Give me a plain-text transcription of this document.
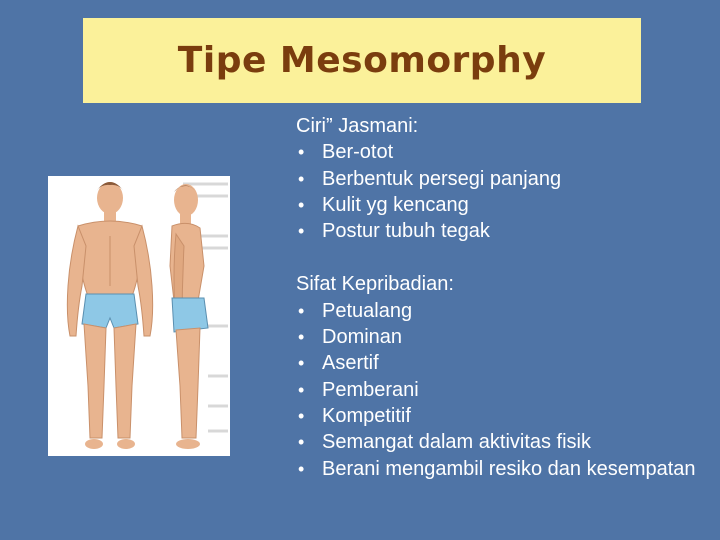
Tipe Mesomorphy
Ciri” Jasmani:
• Ber-otot
• Berbentuk persegi panjang
• Kulit yg kencang
• Postur tubuh tegak
Sifat Kepribadian:
• Petualang
• Dominan
• Asertif
• Pemberani
• Kompetitif
• Semangat dalam aktivitas fisik
• Berani mengambil resiko dan kesempatan
